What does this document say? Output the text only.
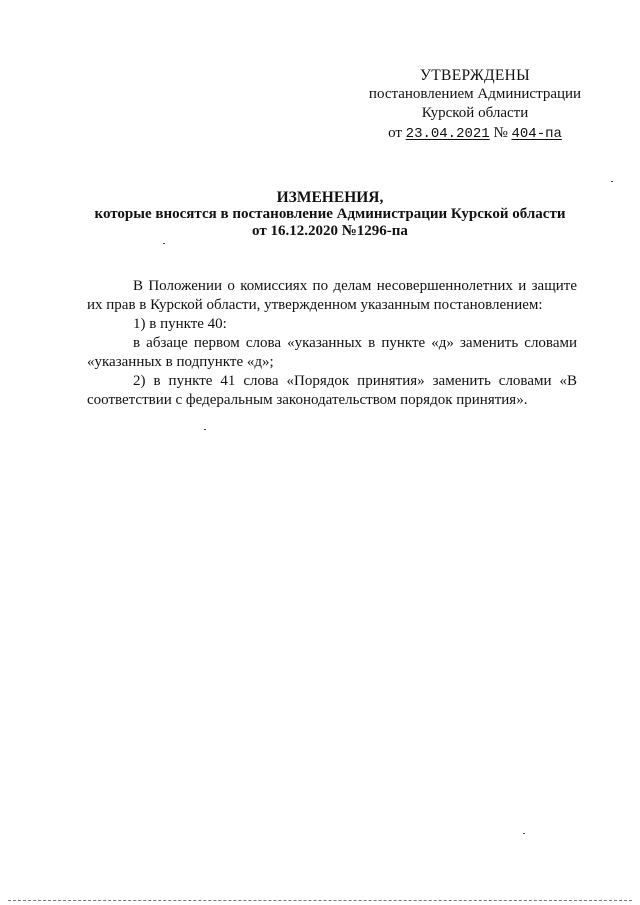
УТВЕРЖДЕНЫ
постановлением Администрации
Курской области
от 23.04.2021 № 404-па
ИЗМЕНЕНИЯ,
которые вносятся в постановление Администрации Курской области
от 16.12.2020 №1296-па

В Положении о комиссиях по делам несовершеннолетних и защите их прав в Курской области, утвержденном указанным постановлением:

1) в пункте 40:

в абзаце первом слова «указанных в пункте «д» заменить словами «указанных в подпункте «д»;

2) в пункте 41 слова «Порядок принятия» заменить словами «В соответствии с федеральным законодательством порядок принятия».
